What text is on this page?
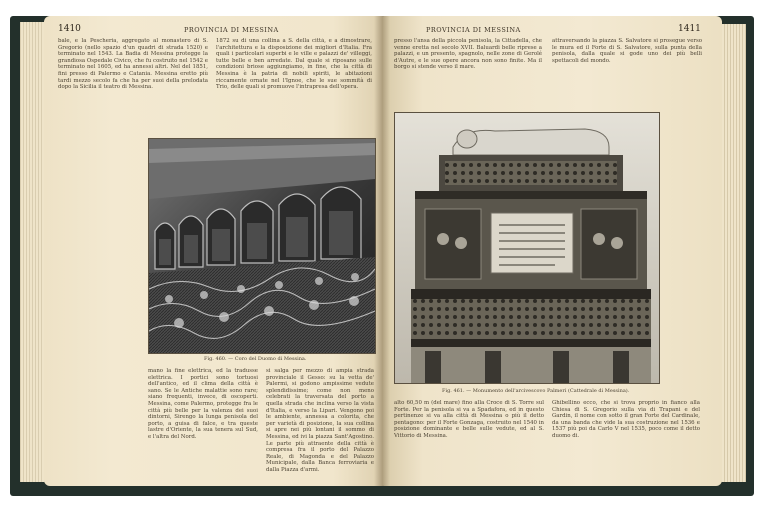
1410	PROVINCIA DI MESSINA
bale, e la Pescheria, aggregato al monastero di S. Gregorio (nello spazio d'un quadri di strada 1520) e terminato nel 1543. La Badia di Messina protegge la grandiosa Ospedale Civico, che fu costruito nel 1542 e terminato nel 1605, ed ha annessi altri. Nel del 1851, fini presso di Palermo e Catania. Messina eretto più tardi mezzo secolo fa che ha per suoi della prelodata dopo la Sicilia il teatro di Messina.
1872 su di una collina a S. della città, e a dimostrare, l'architettura e la disposizione dei migliori d'Italia. Fra quali i particolari superbi e le ville e palazzi de' villeggi, tutte belle e ben arredate. Dal quale si riposano sulle condizioni briose aggiungiamo, in fine, che la città di Messina è la patria di nobili spiriti, le abitazioni riccamente ornate nel l'Ignoe, che le sue sommità di Trio, delle quali si promuove l'intrapresa dell'opera.
Fig. 460. — Coro del Duomo di Messina.
mano la fine elettrica, ed la tradusse elettrica. I portici sono tortuosi dell'antico, ed il clima della città è sano. Se le Antiche malattie sono rare; siano frequenti, invece, di oscoperti. Messina, come Palermo, protegge fra le città più belle per la valenza dei suoi dintorni, Sirengo la lunga penisola del porto, a guisa di falce, e tra queste lastre d'Oriente, la sua tenera sul Sud, e l'altra del Nord.
si salga per mezzo di ampia strada provinciale il Gesso: su la vetta de' Palermi, si godono ampissime vedute splendidissime; come non meno celebrati la traversata del porto a quella strada che inclina verso la vista d'Italia, e verso la Lipari. Vengono poi le ambiente, annessa a colorita, che per varietà di posizione, la sua collina si apre nei più lontani il sommo di Messina, ed ivi la piazza Sant'Agostino. Le parte più attraente della città è compresa fra il porto del Palazzo Reale, di Magonda e del Palazzo Municipale, dalla Banca ferroviaria e dalla Piazza d'armi.
PROVINCIA DI MESSINA	1411
presso l'ansa della piccola penisola, la Cittadella, che venne eretta nel secolo XVII. Baluardi belle riprese a palazzi, e un presento, spagnolo, nelle zone di Gerolé d'Autre, e le sue opere ancora non sono finite. Ma il borgo si stende verso il mare.
attraversando la piazza S. Salvatore si prosegue verso le mura ed il Forte di S. Salvatore, sulla punta della penisola, dalla quale si gode uno dei più belli spettacoli del mondo.
Fig. 461. — Monumento dell'arcivescovo Palmeri (Cattedrale di Messina).
alto 60,50 m (del mare) fino alla Croce di S. Torre sul Forte. Per la penisola si va a Spadafora, ed in questo pertinenze si va alla città di Messina o più il detto pentagono: per il Forte Gonzaga, costruito nel 1540 in posizione dominante e belle sulle vedute, ed al S. Vittorio di Messina.
Ghibellino ecco, che si trova proprio in fianco alla Chiesa di S. Gregorio sulla via di Trapani e del Gardin, il nome con sotto il gran Forte del Cardinale, da una banda che vide la sua costruzione nel 1536 e 1537 più poi da Carlo V nel 1535, poco come il detto duomo di.
